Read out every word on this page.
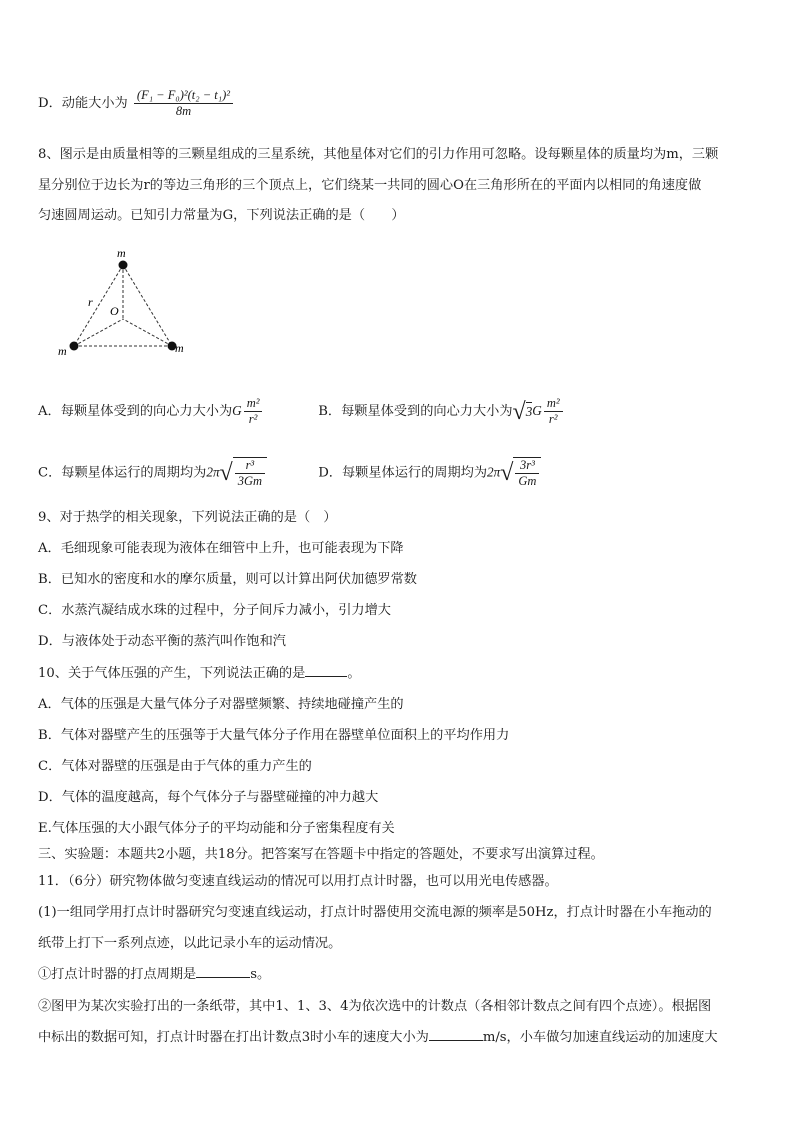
D．动能大小为 $\frac{\text{(F₁ − F₀)²(t₂ − t₁)²}}{8m}$
8、图示是由质量相等的三颗星组成的三星系统，其他星体对它们的引力作用可忽略。设每颗星体的质量均为m，三颗
星分别位于边长为r的等边三角形的三个顶点上，它们绕某一共同的圆心O在三角形所在的平面内以相同的角速度做
匀速圆周运动。已知引力常量为G，下列说法正确的是（　　）
m
m	m
r
O
A．每颗星体受到的向心力大小为G $\frac{\text{m²}}{\text{r²}}$	B．每颗星体受到的向心力大小为$√3G \frac{\text{m²}}{\text{r²}}$
C．每颗星体运行的周期均为$2\pi√ \frac{\text{r³}}{3Gm}$	D．每颗星体运行的周期均为$2\pi√ \frac{\text{3r³}}{Gm}$
9、对于热学的相关现象，下列说法正确的是（　）
A．毛细现象可能表现为液体在细管中上升，也可能表现为下降
B．已知水的密度和水的摩尔质量，则可以计算出阿伏加德罗常数
C．水蒸汽凝结成水珠的过程中，分子间斥力减小，引力增大
D．与液体处于动态平衡的蒸汽叫作饱和汽
10、关于气体压强的产生，下列说法正确的是	。
A．气体的压强是大量气体分子对器壁频繁、持续地碰撞产生的
B．气体对器壁产生的压强等于大量气体分子作用在器壁单位面积上的平均作用力
C．气体对器壁的压强是由于气体的重力产生的
D．气体的温度越高，每个气体分子与器壁碰撞的冲力越大
E.气体压强的大小跟气体分子的平均动能和分子密集程度有关
三、实验题：本题共2小题，共18分。把答案写在答题卡中指定的答题处，不要求写出演算过程。
11．（6分）研究物体做匀变速直线运动的情况可以用打点计时器，也可以用光电传感器。
(1)一组同学用打点计时器研究匀变速直线运动，打点计时器使用交流电源的频率是50Hz，打点计时器在小车拖动的
纸带上打下一系列点迹，以此记录小车的运动情况。
①打点计时器的打点周期是	s。
②图甲为某次实验打出的一条纸带，其中1、1、3、4为依次选中的计数点（各相邻计数点之间有四个点迹）。根据图
中标出的数据可知，打点计时器在打出计数点3时小车的速度大小为	m/s，小车做匀加速直线运动的加速度大
